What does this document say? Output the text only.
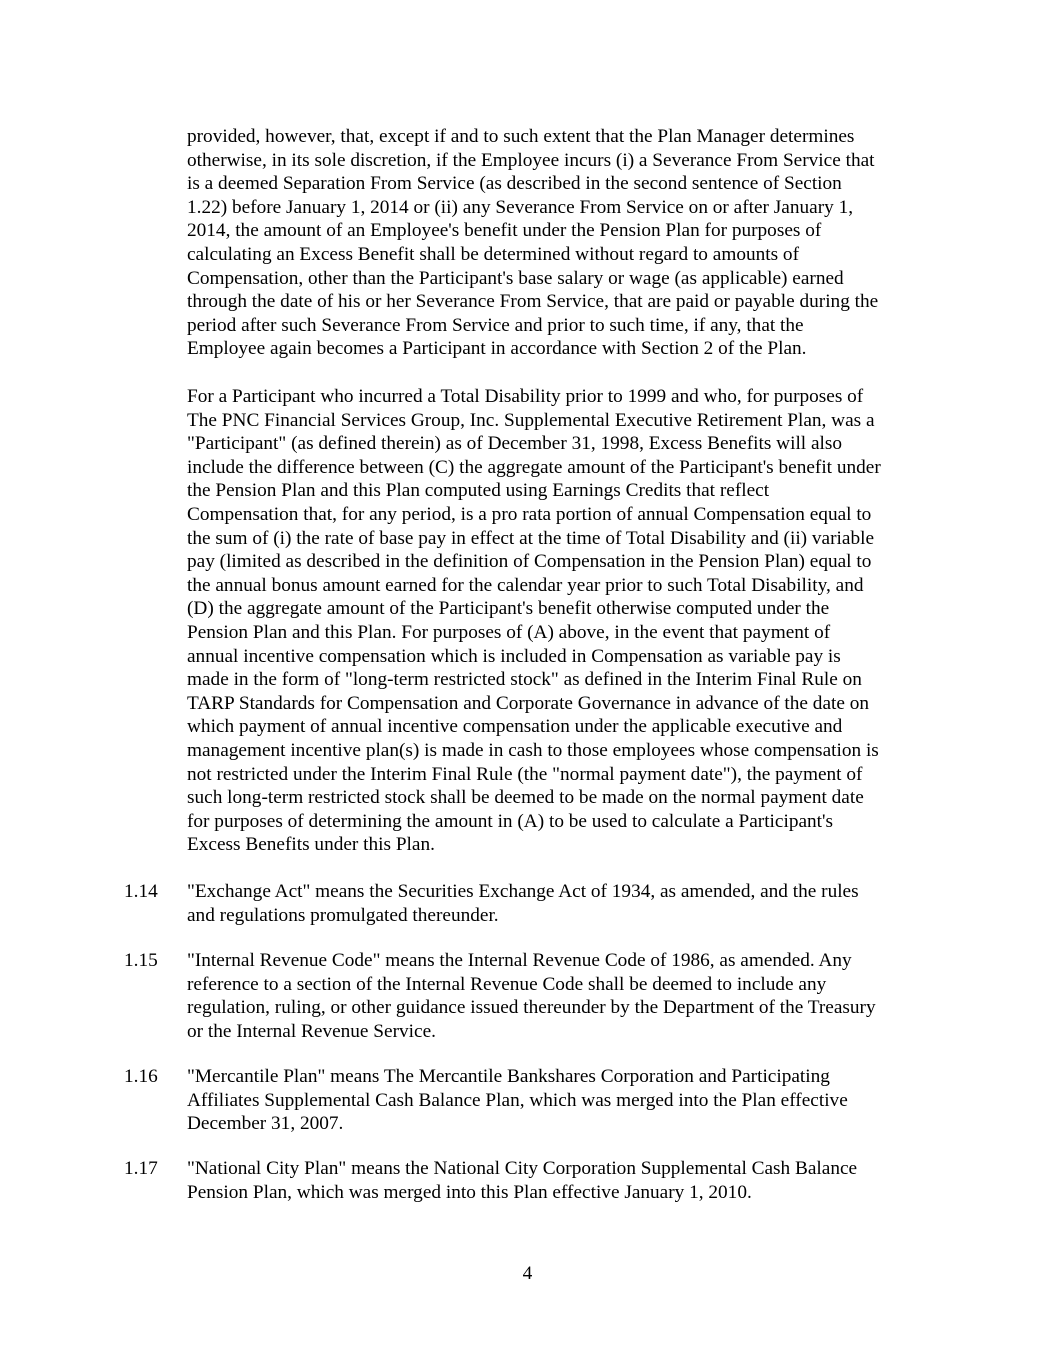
provided, however, that, except if and to such extent that the Plan Manager determines
otherwise, in its sole discretion, if the Employee incurs (i) a Severance From Service that
is a deemed Separation From Service (as described in the second sentence of Section
1.22) before January 1, 2014 or (ii) any Severance From Service on or after January 1,
2014, the amount of an Employee's benefit under the Pension Plan for purposes of
calculating an Excess Benefit shall be determined without regard to amounts of
Compensation, other than the Participant's base salary or wage (as applicable) earned
through the date of his or her Severance From Service, that are paid or payable during the
period after such Severance From Service and prior to such time, if any, that the
Employee again becomes a Participant in accordance with Section 2 of the Plan.
For a Participant who incurred a Total Disability prior to 1999 and who, for purposes of
The PNC Financial Services Group, Inc. Supplemental Executive Retirement Plan, was a
"Participant" (as defined therein) as of December 31, 1998, Excess Benefits will also
include the difference between (C) the aggregate amount of the Participant's benefit under
the Pension Plan and this Plan computed using Earnings Credits that reflect
Compensation that, for any period, is a pro rata portion of annual Compensation equal to
the sum of (i) the rate of base pay in effect at the time of Total Disability and (ii) variable
pay (limited as described in the definition of Compensation in the Pension Plan) equal to
the annual bonus amount earned for the calendar year prior to such Total Disability, and
(D) the aggregate amount of the Participant's benefit otherwise computed under the
Pension Plan and this Plan. For purposes of (A) above, in the event that payment of
annual incentive compensation which is included in Compensation as variable pay is
made in the form of "long-term restricted stock" as defined in the Interim Final Rule on
TARP Standards for Compensation and Corporate Governance in advance of the date on
which payment of annual incentive compensation under the applicable executive and
management incentive plan(s) is made in cash to those employees whose compensation is
not restricted under the Interim Final Rule (the "normal payment date"), the payment of
such long-term restricted stock shall be deemed to be made on the normal payment date
for purposes of determining the amount in (A) to be used to calculate a Participant's
Excess Benefits under this Plan.
1.14 "Exchange Act" means the Securities Exchange Act of 1934, as amended, and the rules
and regulations promulgated thereunder.
1.15 "Internal Revenue Code" means the Internal Revenue Code of 1986, as amended. Any
reference to a section of the Internal Revenue Code shall be deemed to include any
regulation, ruling, or other guidance issued thereunder by the Department of the Treasury
or the Internal Revenue Service.
1.16 "Mercantile Plan" means The Mercantile Bankshares Corporation and Participating
Affiliates Supplemental Cash Balance Plan, which was merged into the Plan effective
December 31, 2007.
1.17 "National City Plan" means the National City Corporation Supplemental Cash Balance
Pension Plan, which was merged into this Plan effective January 1, 2010.
4
